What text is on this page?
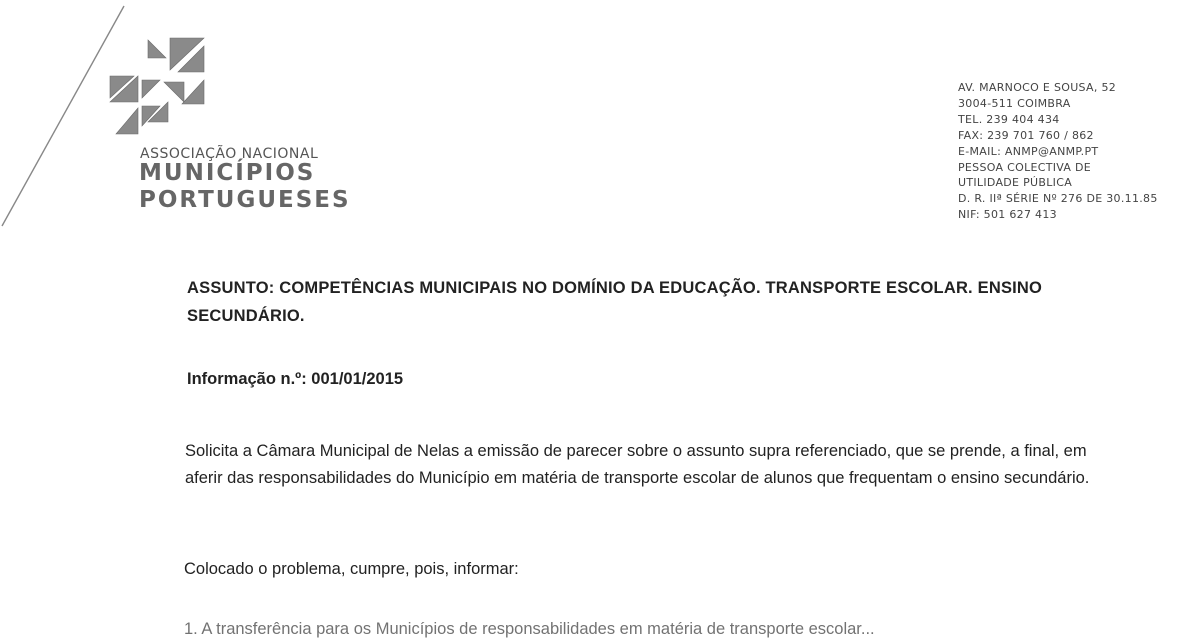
ASSOCIAÇÃO NACIONAL
MUNICÍPIOS
PORTUGUESES
AV. MARNOCO E SOUSA, 52
3004-511 COIMBRA
TEL. 239 404 434
FAX: 239 701 760 / 862
E-MAIL: ANMP@ANMP.PT
PESSOA COLECTIVA DE
UTILIDADE PÚBLICA
D. R. IIª SÉRIE Nº 276 DE 30.11.85
NIF: 501 627 413
ASSUNTO: COMPETÊNCIAS MUNICIPAIS NO DOMÍNIO DA EDUCAÇÃO. TRANSPORTE ESCOLAR. ENSINO SECUNDÁRIO.
Informação n.º: 001/01/2015
Solicita a Câmara Municipal de Nelas a emissão de parecer sobre o assunto supra referenciado, que se prende, a final, em aferir das responsabilidades do Município em matéria de transporte escolar de alunos que frequentam o ensino secundário.
Colocado o problema, cumpre, pois, informar:
1. A transferência para os Municípios de responsabilidades em matéria de transporte escolar...
